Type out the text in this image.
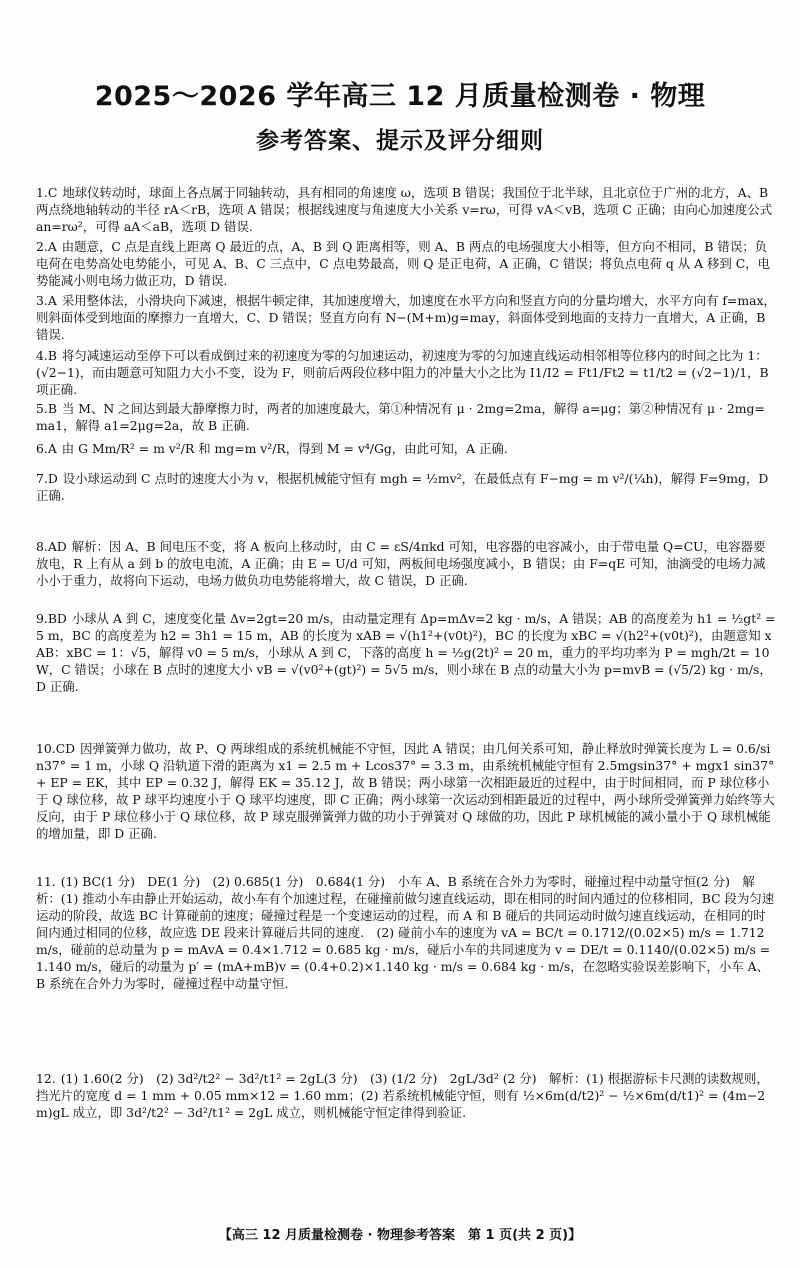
2025～2026 学年高三 12 月质量检测卷 · 物理
参考答案、提示及评分细则
1.C 地球仪转动时，球面上各点属于同轴转动，具有相同的角速度 ω，选项 B 错误；我国位于北半球，且北京位于广州的北方，A、B 两点绕地轴转动的半径 rA＜rB，选项 A 错误；根据线速度与角速度大小关系 v=rω，可得 vA＜vB，选项 C 正确；由向心加速度公式 an=rω²，可得 aA＜aB，选项 D 错误.
2.A 由题意，C 点是直线上距离 Q 最近的点，A、B 到 Q 距离相等，则 A、B 两点的电场强度大小相等，但方向不相同，B 错误；负电荷在电势高处电势能小，可见 A、B、C 三点中，C 点电势最高，则 Q 是正电荷，A 正确，C 错误；将负点电荷 q 从 A 移到 C，电势能减小则电场力做正功，D 错误.
3.A 采用整体法，小滑块向下减速，根据牛顿定律，其加速度增大，加速度在水平方向和竖直方向的分量均增大，水平方向有 f=max，则斜面体受到地面的摩擦力一直增大，C、D 错误；竖直方向有 N−(M+m)g=may，斜面体受到地面的支持力一直增大，A 正确，B 错误.
4.B 将匀减速运动至停下可以看成倒过来的初速度为零的匀加速运动，初速度为零的匀加速直线运动相邻相等位移内的时间之比为 1：(√2−1)，而由题意可知阻力大小不变，设为 F，则前后两段位移中阻力的冲量大小之比为 I1/I2 = Ft1/Ft2 = t1/t2 = (√2−1)/1，B 项正确.
5.B 当 M、N 之间达到最大静摩擦力时，两者的加速度最大，第①种情况有 μ · 2mg=2ma，解得 a=μg；第②种情况有 μ · 2mg=ma1，解得 a1=2μg=2a，故 B 正确.
6.A 由 G Mm/R² = m v²/R 和 mg=m v²/R，得到 M = v⁴/Gg，由此可知，A 正确.
7.D 设小球运动到 C 点时的速度大小为 v，根据机械能守恒有 mgh = ½mv²，在最低点有 F−mg = m v²/(¼h)，解得 F=9mg，D 正确.
8.AD 解析：因 A、B 间电压不变，将 A 板向上移动时，由 C = εS/4πkd 可知，电容器的电容减小，由于带电量 Q=CU，电容器要放电，R 上有从 a 到 b 的放电电流，A 正确；由 E = U/d 可知，两板间电场强度减小，B 错误；由 F=qE 可知，油滴受的电场力减小小于重力，故将向下运动，电场力做负功电势能将增大，故 C 错误，D 正确.
9.BD 小球从 A 到 C，速度变化量 Δv=2gt=20 m/s，由动量定理有 Δp=mΔv=2 kg · m/s，A 错误；AB 的高度差为 h1 = ½gt² = 5 m，BC 的高度差为 h2 = 3h1 = 15 m，AB 的长度为 xAB = √(h1²+(v0t)²)，BC 的长度为 xBC = √(h2²+(v0t)²)，由题意知 xAB：xBC = 1：√5，解得 v0 = 5 m/s，小球从 A 到 C，下落的高度 h = ½g(2t)² = 20 m，重力的平均功率为 P = mgh/2t = 10 W，C 错误；小球在 B 点时的速度大小 vB = √(v0²+(gt)²) = 5√5 m/s，则小球在 B 点的动量大小为 p=mvB = (√5/2) kg · m/s，D 正确.
10.CD 因弹簧弹力做功，故 P、Q 两球组成的系统机械能不守恒，因此 A 错误；由几何关系可知，静止释放时弹簧长度为 L = 0.6/sin37° = 1 m，小球 Q 沿轨道下滑的距离为 x1 = 2.5 m + Lcos37° = 3.3 m，由系统机械能守恒有 2.5mgsin37° + mgx1 sin37° + EP = EK，其中 EP = 0.32 J，解得 EK = 35.12 J，故 B 错误；两小球第一次相距最近的过程中，由于时间相同，而 P 球位移小于 Q 球位移，故 P 球平均速度小于 Q 球平均速度，即 C 正确；两小球第一次运动到相距最近的过程中，两小球所受弹簧弹力始终等大反向，由于 P 球位移小于 Q 球位移，故 P 球克服弹簧弹力做的功小于弹簧对 Q 球做的功，因此 P 球机械能的减小量小于 Q 球机械能的增加量，即 D 正确.
11. (1) BC(1 分)　DE(1 分)　(2) 0.685(1 分)　0.684(1 分)　小车 A、B 系统在合外力为零时，碰撞过程中动量守恒(2 分)　解析：(1) 推动小车由静止开始运动，故小车有个加速过程，在碰撞前做匀速直线运动，即在相同的时间内通过的位移相同，BC 段为匀速运动的阶段，故选 BC 计算碰前的速度；碰撞过程是一个变速运动的过程，而 A 和 B 碰后的共同运动时做匀速直线运动，在相同的时间内通过相同的位移，故应选 DE 段来计算碰后共同的速度.　(2) 碰前小车的速度为 vA = BC/t = 0.1712/(0.02×5) m/s = 1.712 m/s，碰前的总动量为 p = mAvA = 0.4×1.712 = 0.685 kg · m/s，碰后小车的共同速度为 v = DE/t = 0.1140/(0.02×5) m/s = 1.140 m/s，碰后的动量为 p′ = (mA+mB)v = (0.4+0.2)×1.140 kg · m/s = 0.684 kg · m/s，在忽略实验误差影响下，小车 A、B 系统在合外力为零时，碰撞过程中动量守恒.
12. (1) 1.60(2 分)　(2) 3d²/t2² − 3d²/t1² = 2gL(3 分)　(3) (1/2 分)　2gL/3d² (2 分)　解析：(1) 根据游标卡尺测的读数规则，挡光片的宽度 d = 1 mm + 0.05 mm×12 = 1.60 mm；(2) 若系统机械能守恒，则有 ½×6m(d/t2)² − ½×6m(d/t1)² = (4m−2m)gL 成立，即 3d²/t2² − 3d²/t1² = 2gL 成立，则机械能守恒定律得到验证.
【高三 12 月质量检测卷 · 物理参考答案　第 1 页(共 2 页)】
